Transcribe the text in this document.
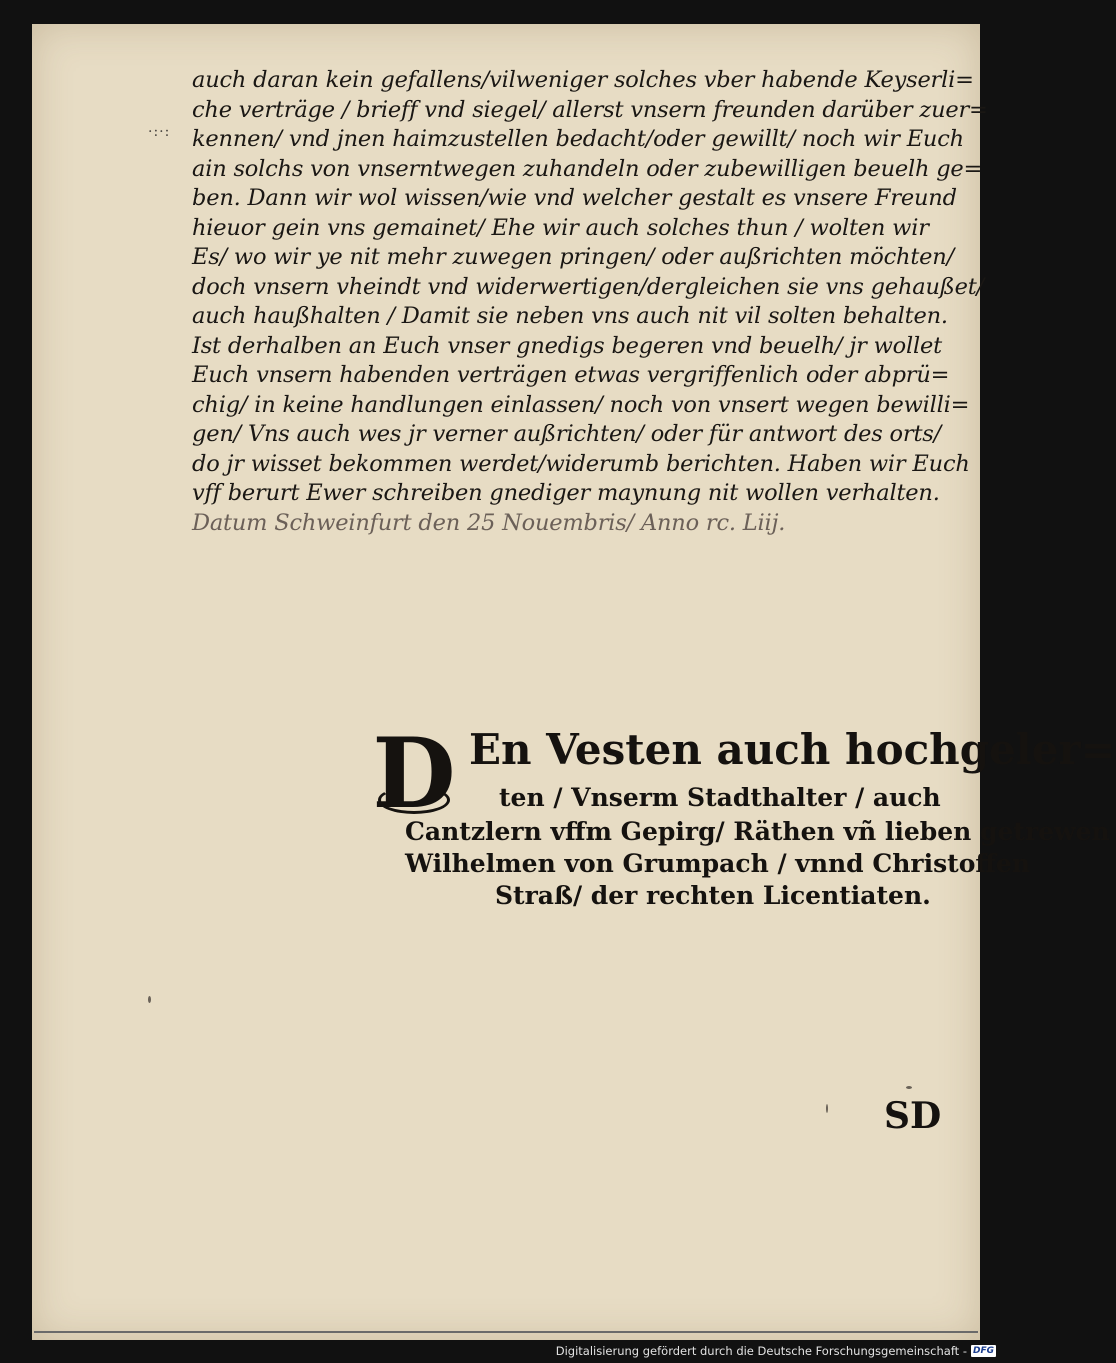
·:·:
auch daran kein gefallens/vilweniger solches vber habende Keyserli=
che verträge / brieff vnd siegel/ allerst vnsern freunden darüber zuer=
kennen/ vnd jnen haimzustellen bedacht/oder gewillt/ noch wir Euch
ain solchs von vnserntwegen zuhandeln oder zubewilligen beuelh ge=
ben. Dann wir wol wissen/wie vnd welcher gestalt es vnsere Freund
hieuor gein vns gemainet/ Ehe wir auch solches thun / wolten wir
Es/ wo wir ye nit mehr zuwegen pringen/ oder außrichten möchten/
doch vnsern vheindt vnd widerwertigen/dergleichen sie vns gehaußet/
auch haußhalten / Damit sie neben vns auch nit vil solten behalten.
Ist derhalben an Euch vnser gnedigs begeren vnd beuelh/ jr wollet
Euch vnsern habenden verträgen etwas vergriffenlich oder abprü=
chig/ in keine handlungen einlassen/ noch von vnsert wegen bewilli=
gen/ Vns auch wes jr verner außrichten/ oder für antwort des orts/
do jr wisset bekommen werdet/widerumb berichten. Haben wir Euch
vff berurt Ewer schreiben gnediger maynung nit wollen verhalten.
Datum Schweinfurt den 25 Nouembris/ Anno rc. Liij.
D En Vesten auch hochgeler=
ten / Vnserm Stadthalter / auch
Cantzlern vffm Gepirg/ Räthen vñ lieben getrewen
Wilhelmen von Grumpach / vnnd Christoffen
Straß/ der rechten Licentiaten.
SD
Digitalisierung gefördert durch die Deutsche Forschungsgemeinschaft - DFG
